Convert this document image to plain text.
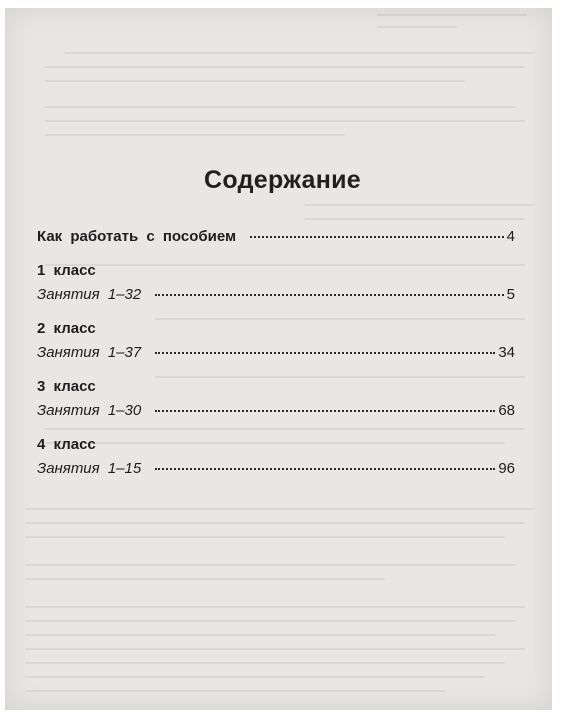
Содержание
Как работать с пособием	4
1 класс
Занятия 1–32	5
2 класс
Занятия 1–37	34
3 класс
Занятия 1–30	68
4 класс
Занятия 1–15	96
